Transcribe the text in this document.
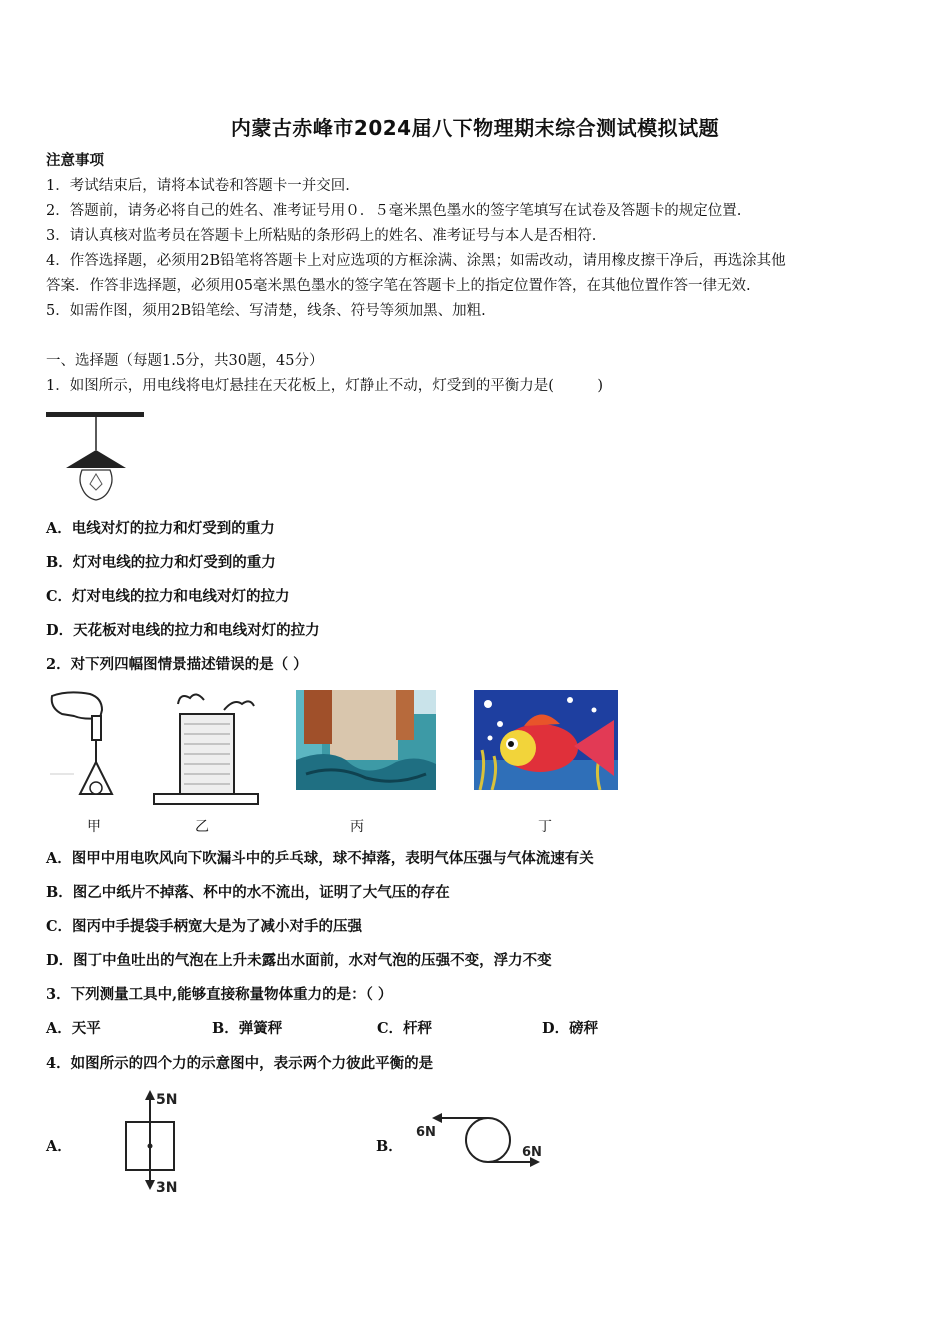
内蒙古赤峰市2024届八下物理期末综合测试模拟试题
注意事项
1．考试结束后，请将本试卷和答题卡一并交回.
2．答题前，请务必将自己的姓名、准考证号用０．５毫米黑色墨水的签字笔填写在试卷及答题卡的规定位置.
3．请认真核对监考员在答题卡上所粘贴的条形码上的姓名、准考证号与本人是否相符.
4．作答选择题，必须用2B铅笔将答题卡上对应选项的方框涂满、涂黑；如需改动，请用橡皮擦干净后，再选涂其他
答案．作答非选择题，必须用05毫米黑色墨水的签字笔在答题卡上的指定位置作答，在其他位置作答一律无效.
5．如需作图，须用2B铅笔绘、写清楚，线条、符号等须加黑、加粗.
一、选择题（每题1.5分，共30题，45分）
1．如图所示，用电线将电灯悬挂在天花板上，灯静止不动，灯受到的平衡力是(　　　)
A．电线对灯的拉力和灯受到的重力
B．灯对电线的拉力和灯受到的重力
C．灯对电线的拉力和电线对灯的拉力
D．天花板对电线的拉力和电线对灯的拉力
2．对下列四幅图情景描述错误的是（ ）
甲	乙	丙	丁
A．图甲中用电吹风向下吹漏斗中的乒乓球，球不掉落，表明气体压强与气体流速有关
B．图乙中纸片不掉落、杯中的水不流出，证明了大气压的存在
C．图丙中手提袋手柄宽大是为了减小对手的压强
D．图丁中鱼吐出的气泡在上升未露出水面前，水对气泡的压强不变，浮力不变
3．下列测量工具中,能够直接称量物体重力的是：（ ）
A．天平	B．弹簧秤	C．杆秤	D．磅秤
4．如图所示的四个力的示意图中，表示两个力彼此平衡的是
A．
5N
3N
B．
6N
6N
